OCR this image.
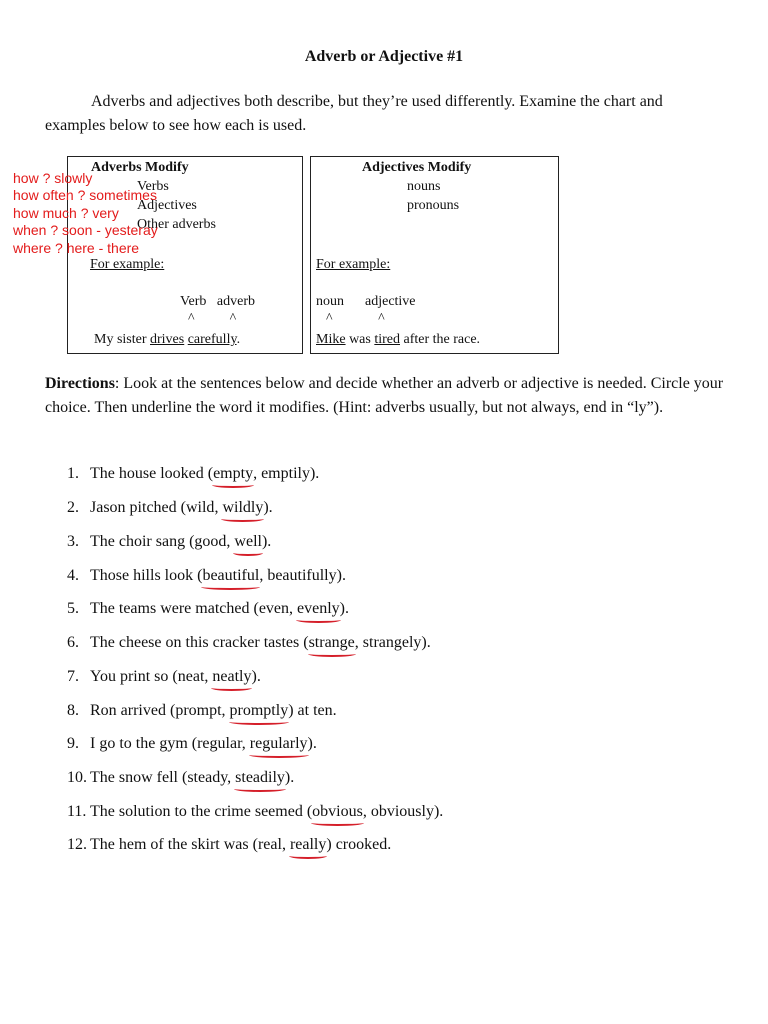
Adverb or Adjective #1
Adverbs and adjectives both describe, but they’re used differently. Examine the chart and examples below to see how each is used.
Adverbs Modify
Verbs
Adjectives
Other adverbs
For example:
Verb   adverb
^          ^
My sister drives carefully.
Adjectives Modify
nouns
pronouns
For example:
noun      adjective
^             ^
Mike was tired after the race.
how ? slowly
how often ? sometimes
how much ? very
when ? soon - yesteray
where ? here - there
Directions: Look at the sentences below and decide whether an adverb or adjective is needed. Circle your choice. Then underline the word it modifies. (Hint: adverbs usually, but not always, end in “ly”).
1. The house looked (empty, emptily).
2. Jason pitched (wild, wildly).
3. The choir sang (good, well).
4. Those hills look (beautiful, beautifully).
5. The teams were matched (even, evenly).
6. The cheese on this cracker tastes (strange, strangely).
7. You print so (neat, neatly).
8. Ron arrived (prompt, promptly) at ten.
9. I go to the gym (regular, regularly).
10. The snow fell (steady, steadily).
11. The solution to the crime seemed (obvious, obviously).
12. The hem of the skirt was (real, really) crooked.
